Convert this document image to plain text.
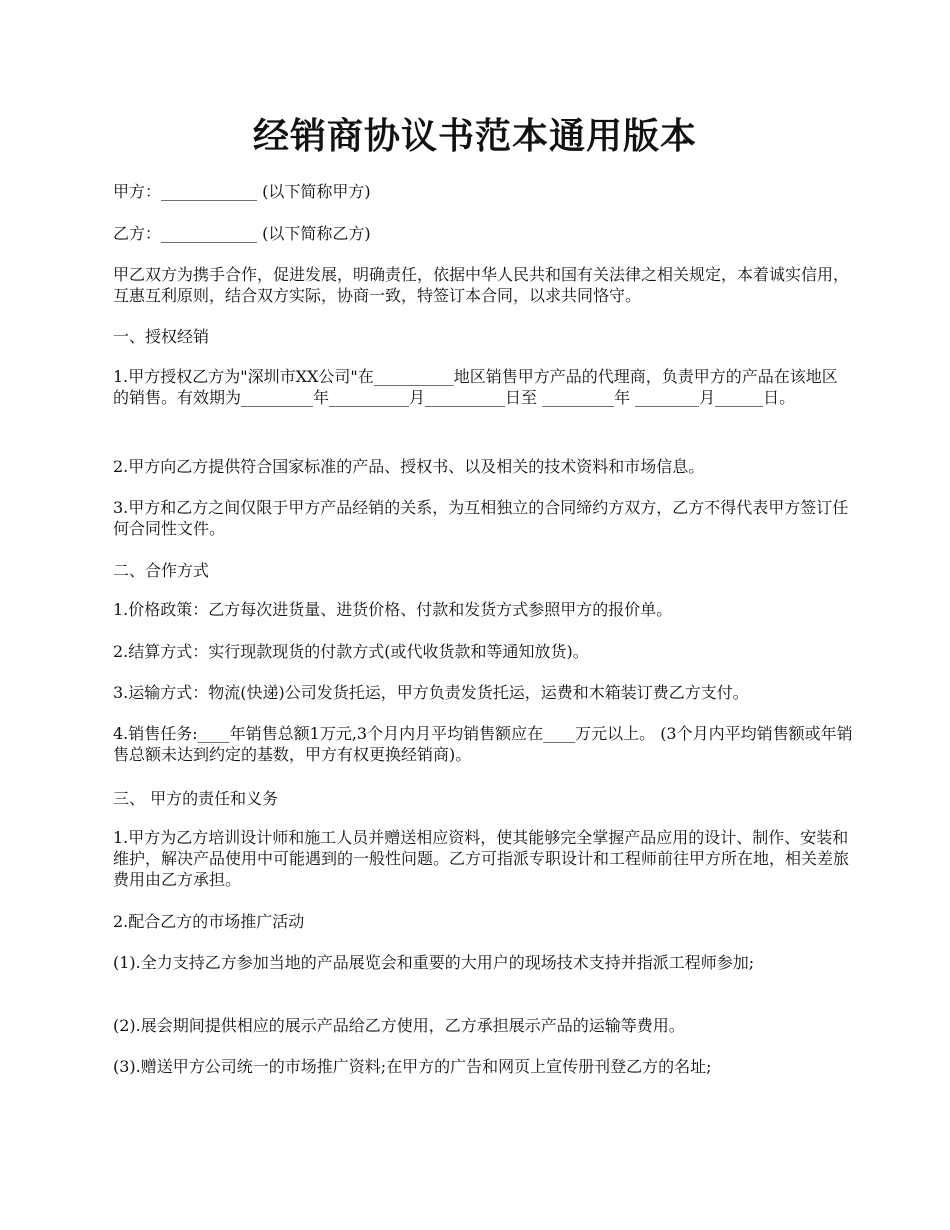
经销商协议书范本通用版本

甲方：____________ (以下简称甲方)

乙方：____________ (以下简称乙方)

甲乙双方为携手合作，促进发展，明确责任，依据中华人民共和国有关法律之相关规定，本着诚实信用，互惠互利原则，结合双方实际，协商一致，特签订本合同，以求共同恪守。

一、授权经销

1.甲方授权乙方为"深圳市XX公司"在__________地区销售甲方产品的代理商，负责甲方的产品在该地区的销售。有效期为_________年__________月__________日至 _________年 ________月______日。

2.甲方向乙方提供符合国家标准的产品、授权书、以及相关的技术资料和市场信息。

3.甲方和乙方之间仅限于甲方产品经销的关系，为互相独立的合同缔约方双方，乙方不得代表甲方签订任何合同性文件。

二、合作方式

1.价格政策：乙方每次进货量、进货价格、付款和发货方式参照甲方的报价单。

2.结算方式：实行现款现货的付款方式(或代收货款和等通知放货)。

3.运输方式：物流(快递)公司发货托运，甲方负责发货托运，运费和木箱装订费乙方支付。

4.销售任务:____年销售总额1万元,3个月内月平均销售额应在____万元以上。 (3个月内平均销售额或年销售总额未达到约定的基数，甲方有权更换经销商)。

三、 甲方的责任和义务

1.甲方为乙方培训设计师和施工人员并赠送相应资料，使其能够完全掌握产品应用的设计、制作、安装和维护，解决产品使用中可能遇到的一般性问题。乙方可指派专职设计和工程师前往甲方所在地，相关差旅费用由乙方承担。

2.配合乙方的市场推广活动

(1).全力支持乙方参加当地的产品展览会和重要的大用户的现场技术支持并指派工程师参加;

(2).展会期间提供相应的展示产品给乙方使用，乙方承担展示产品的运输等费用。

(3).赠送甲方公司统一的市场推广资料;在甲方的广告和网页上宣传册刊登乙方的名址;
